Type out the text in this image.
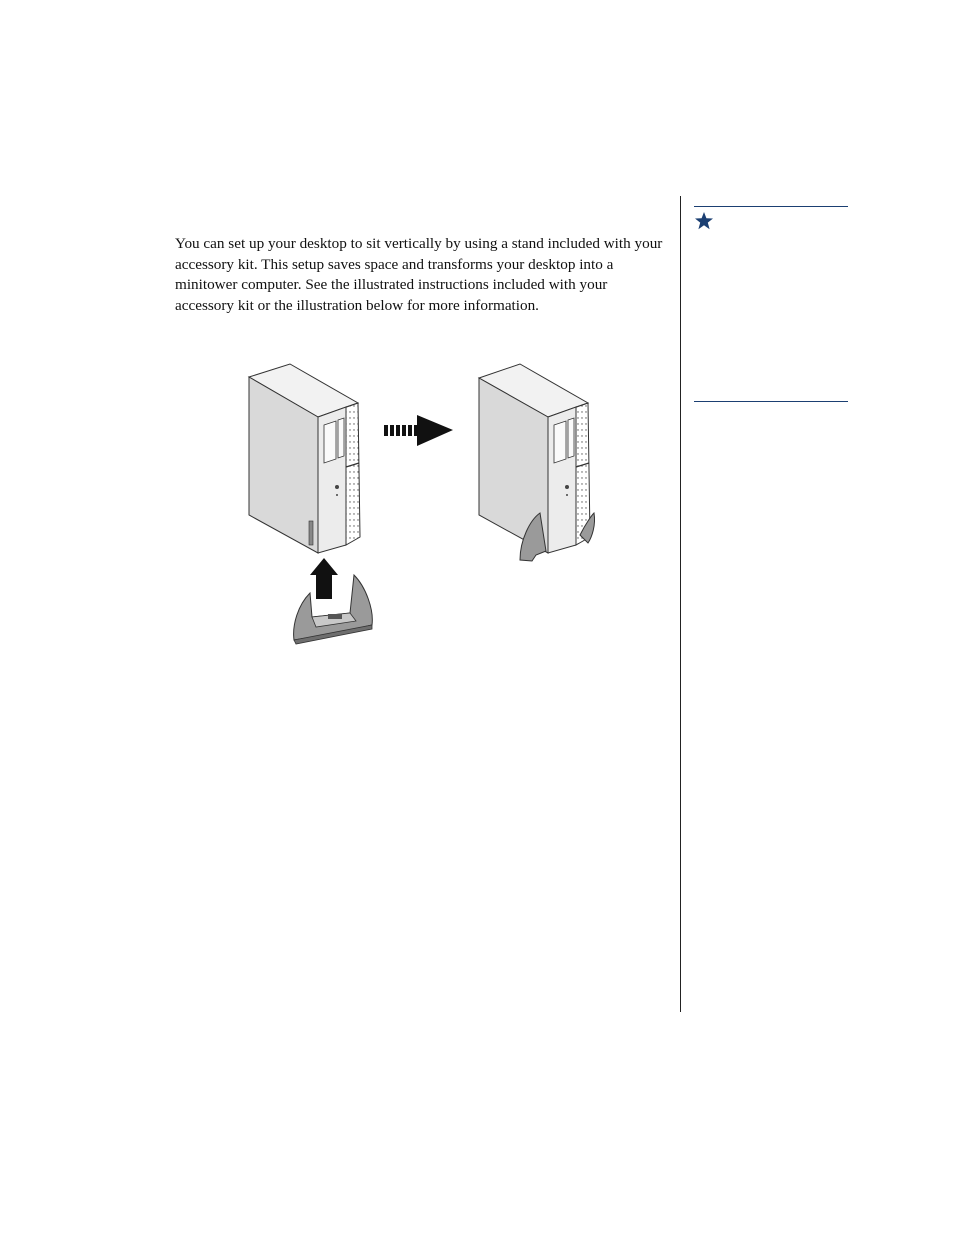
You can set up your desktop to sit vertically by using a stand included with your accessory kit. This setup saves space and transforms your desktop into a minitower computer. See the illustrated instructions included with your accessory kit or the illustration below for more information.
